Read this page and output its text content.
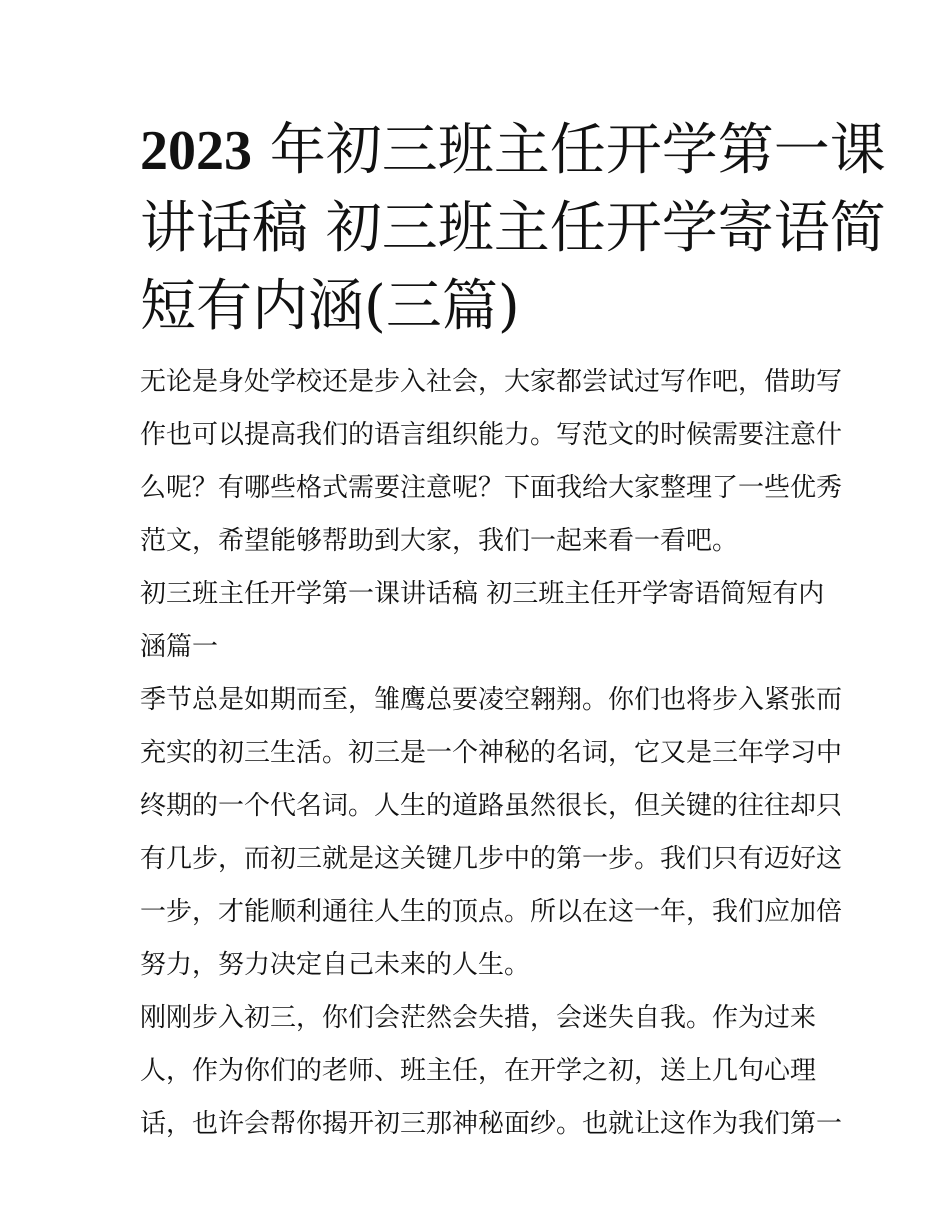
2023 年初三班主任开学第一课
讲话稿 初三班主任开学寄语简
短有内涵(三篇)

无论是身处学校还是步入社会，大家都尝试过写作吧，借助写
作也可以提高我们的语言组织能力。写范文的时候需要注意什
么呢？有哪些格式需要注意呢？下面我给大家整理了一些优秀
范文，希望能够帮助到大家，我们一起来看一看吧。

初三班主任开学第一课讲话稿 初三班主任开学寄语简短有内
涵篇一

季节总是如期而至，雏鹰总要凌空翱翔。你们也将步入紧张而
充实的初三生活。初三是一个神秘的名词，它又是三年学习中
终期的一个代名词。人生的道路虽然很长，但关键的往往却只
有几步，而初三就是这关键几步中的第一步。我们只有迈好这
一步，才能顺利通往人生的顶点。所以在这一年，我们应加倍
努力，努力决定自己未来的人生。

刚刚步入初三，你们会茫然会失措，会迷失自我。作为过来
人，作为你们的老师、班主任，在开学之初，送上几句心理
话，也许会帮你揭开初三那神秘面纱。也就让这作为我们第一
